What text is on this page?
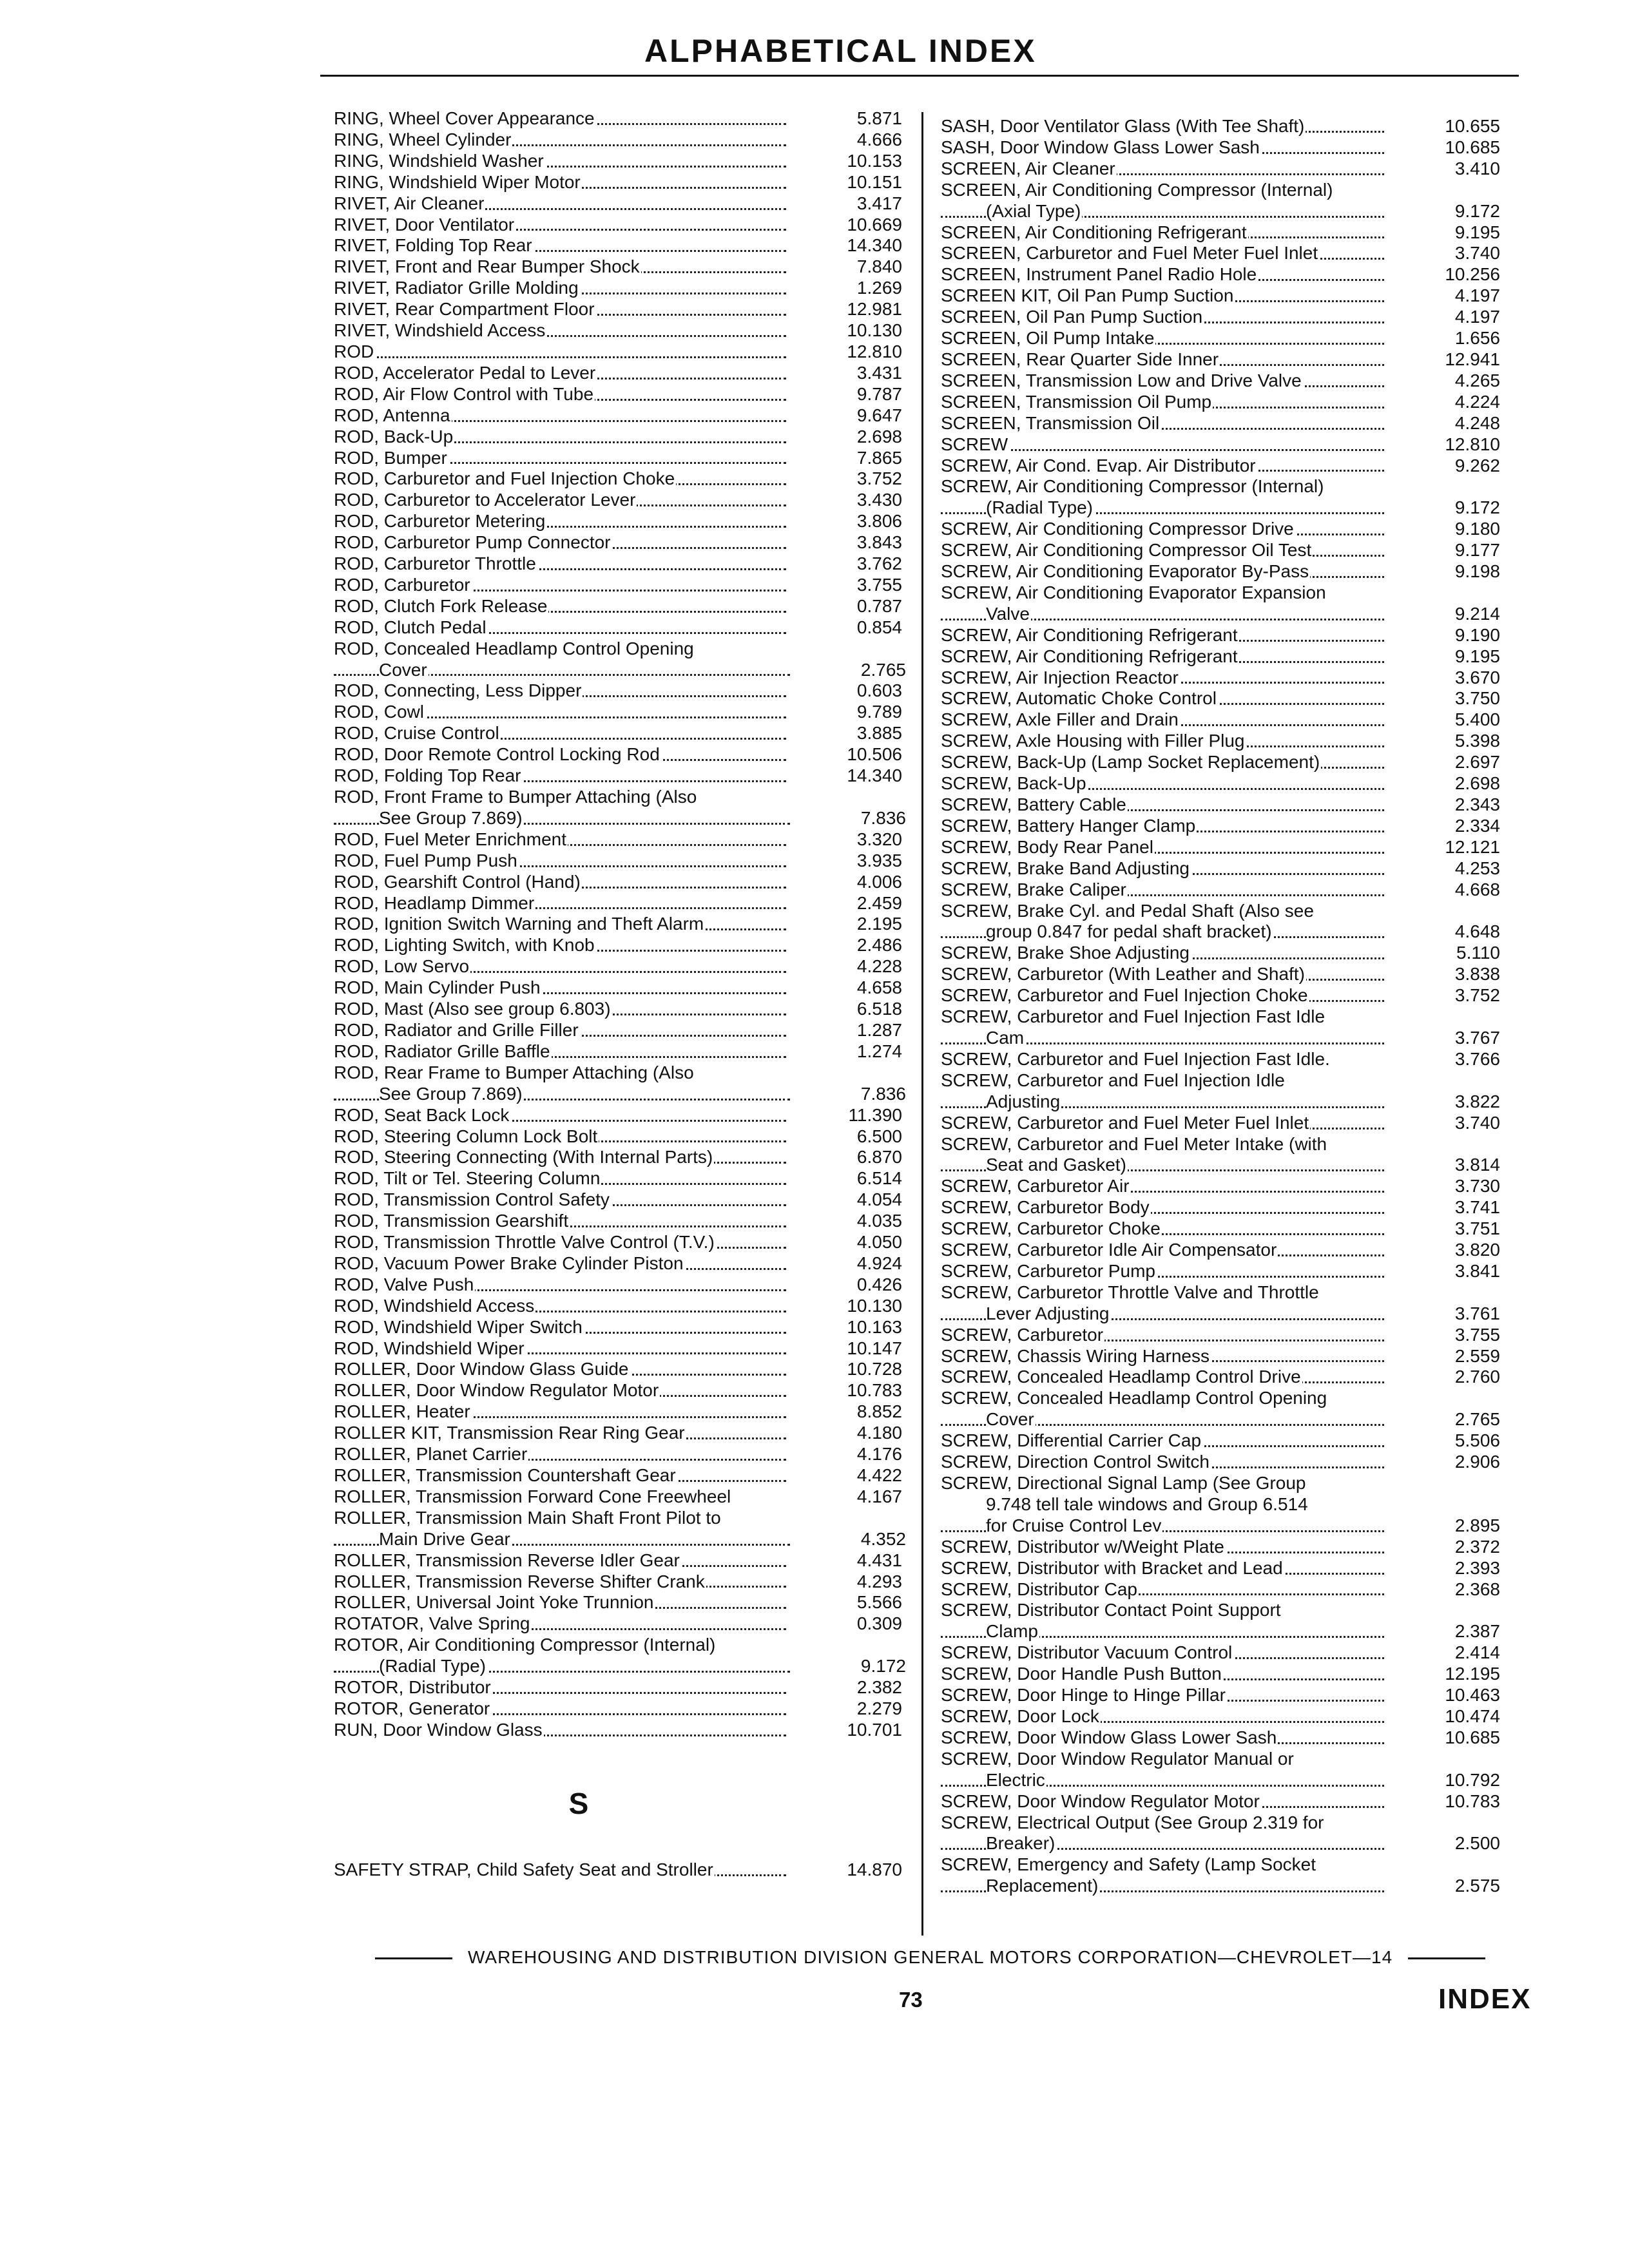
ALPHABETICAL INDEX
RING, Wheel Cover Appearance	5.871
RING, Wheel Cylinder	4.666
RING, Windshield Washer	10.153
RING, Windshield Wiper Motor	10.151
RIVET, Air Cleaner	3.417
RIVET, Door Ventilator	10.669
RIVET, Folding Top Rear	14.340
RIVET, Front and Rear Bumper Shock	7.840
RIVET, Radiator Grille Molding	1.269
RIVET, Rear Compartment Floor	12.981
RIVET, Windshield Access	10.130
ROD	12.810
ROD, Accelerator Pedal to Lever	3.431
ROD, Air Flow Control with Tube	9.787
ROD, Antenna	9.647
ROD, Back-Up	2.698
ROD, Bumper	7.865
ROD, Carburetor and Fuel Injection Choke	3.752
ROD, Carburetor to Accelerator Lever	3.430
ROD, Carburetor Metering	3.806
ROD, Carburetor Pump Connector	3.843
ROD, Carburetor Throttle	3.762
ROD, Carburetor	3.755
ROD, Clutch Fork Release	0.787
ROD, Clutch Pedal	0.854
ROD, Concealed Headlamp Control Opening
Cover	2.765
ROD, Connecting, Less Dipper	0.603
ROD, Cowl	9.789
ROD, Cruise Control	3.885
ROD, Door Remote Control Locking Rod	10.506
ROD, Folding Top Rear	14.340
ROD, Front Frame to Bumper Attaching (Also
See Group 7.869)	7.836
ROD, Fuel Meter Enrichment	3.320
ROD, Fuel Pump Push	3.935
ROD, Gearshift Control (Hand)	4.006
ROD, Headlamp Dimmer	2.459
ROD, Ignition Switch Warning and Theft Alarm	2.195
ROD, Lighting Switch, with Knob	2.486
ROD, Low Servo	4.228
ROD, Main Cylinder Push	4.658
ROD, Mast (Also see group 6.803)	6.518
ROD, Radiator and Grille Filler	1.287
ROD, Radiator Grille Baffle	1.274
ROD, Rear Frame to Bumper Attaching (Also
See Group 7.869)	7.836
ROD, Seat Back Lock	11.390
ROD, Steering Column Lock Bolt	6.500
ROD, Steering Connecting (With Internal Parts)	6.870
ROD, Tilt or Tel. Steering Column	6.514
ROD, Transmission Control Safety	4.054
ROD, Transmission Gearshift	4.035
ROD, Transmission Throttle Valve Control (T.V.)	4.050
ROD, Vacuum Power Brake Cylinder Piston	4.924
ROD, Valve Push	0.426
ROD, Windshield Access	10.130
ROD, Windshield Wiper Switch	10.163
ROD, Windshield Wiper	10.147
ROLLER, Door Window Glass Guide	10.728
ROLLER, Door Window Regulator Motor	10.783
ROLLER, Heater	8.852
ROLLER KIT, Transmission Rear Ring Gear	4.180
ROLLER, Planet Carrier	4.176
ROLLER, Transmission Countershaft Gear	4.422
ROLLER, Transmission Forward Cone Freewheel	4.167
ROLLER, Transmission Main Shaft Front Pilot to
Main Drive Gear	4.352
ROLLER, Transmission Reverse Idler Gear	4.431
ROLLER, Transmission Reverse Shifter Crank	4.293
ROLLER, Universal Joint Yoke Trunnion	5.566
ROTATOR, Valve Spring	0.309
ROTOR, Air Conditioning Compressor (Internal)
(Radial Type)	9.172
ROTOR, Distributor	2.382
ROTOR, Generator	2.279
RUN, Door Window Glass	10.701
S
SAFETY STRAP, Child Safety Seat and Stroller	14.870
SASH, Door Ventilator Glass (With Tee Shaft)	10.655
SASH, Door Window Glass Lower Sash	10.685
SCREEN, Air Cleaner	3.410
SCREEN, Air Conditioning Compressor (Internal)
(Axial Type)	9.172
SCREEN, Air Conditioning Refrigerant	9.195
SCREEN, Carburetor and Fuel Meter Fuel Inlet	3.740
SCREEN, Instrument Panel Radio Hole	10.256
SCREEN KIT, Oil Pan Pump Suction	4.197
SCREEN, Oil Pan Pump Suction	4.197
SCREEN, Oil Pump Intake	1.656
SCREEN, Rear Quarter Side Inner	12.941
SCREEN, Transmission Low and Drive Valve	4.265
SCREEN, Transmission Oil Pump	4.224
SCREEN, Transmission Oil	4.248
SCREW	12.810
SCREW, Air Cond. Evap. Air Distributor	9.262
SCREW, Air Conditioning Compressor (Internal)
(Radial Type)	9.172
SCREW, Air Conditioning Compressor Drive	9.180
SCREW, Air Conditioning Compressor Oil Test	9.177
SCREW, Air Conditioning Evaporator By-Pass	9.198
SCREW, Air Conditioning Evaporator Expansion
Valve	9.214
SCREW, Air Conditioning Refrigerant	9.190
SCREW, Air Conditioning Refrigerant	9.195
SCREW, Air Injection Reactor	3.670
SCREW, Automatic Choke Control	3.750
SCREW, Axle Filler and Drain	5.400
SCREW, Axle Housing with Filler Plug	5.398
SCREW, Back-Up (Lamp Socket Replacement)	2.697
SCREW, Back-Up	2.698
SCREW, Battery Cable	2.343
SCREW, Battery Hanger Clamp	2.334
SCREW, Body Rear Panel	12.121
SCREW, Brake Band Adjusting	4.253
SCREW, Brake Caliper	4.668
SCREW, Brake Cyl. and Pedal Shaft (Also see
group 0.847 for pedal shaft bracket)	4.648
SCREW, Brake Shoe Adjusting	5.110
SCREW, Carburetor (With Leather and Shaft)	3.838
SCREW, Carburetor and Fuel Injection Choke	3.752
SCREW, Carburetor and Fuel Injection Fast Idle
Cam	3.767
SCREW, Carburetor and Fuel Injection Fast Idle.	3.766
SCREW, Carburetor and Fuel Injection Idle
Adjusting	3.822
SCREW, Carburetor and Fuel Meter Fuel Inlet	3.740
SCREW, Carburetor and Fuel Meter Intake (with
Seat and Gasket)	3.814
SCREW, Carburetor Air	3.730
SCREW, Carburetor Body	3.741
SCREW, Carburetor Choke	3.751
SCREW, Carburetor Idle Air Compensator	3.820
SCREW, Carburetor Pump	3.841
SCREW, Carburetor Throttle Valve and Throttle
Lever Adjusting	3.761
SCREW, Carburetor	3.755
SCREW, Chassis Wiring Harness	2.559
SCREW, Concealed Headlamp Control Drive	2.760
SCREW, Concealed Headlamp Control Opening
Cover	2.765
SCREW, Differential Carrier Cap	5.506
SCREW, Direction Control Switch	2.906
SCREW, Directional Signal Lamp (See Group
9.748 tell tale windows and Group 6.514
for Cruise Control Lev	2.895
SCREW, Distributor w/Weight Plate	2.372
SCREW, Distributor with Bracket and Lead	2.393
SCREW, Distributor Cap	2.368
SCREW, Distributor Contact Point Support
Clamp	2.387
SCREW, Distributor Vacuum Control	2.414
SCREW, Door Handle Push Button	12.195
SCREW, Door Hinge to Hinge Pillar	10.463
SCREW, Door Lock	10.474
SCREW, Door Window Glass Lower Sash	10.685
SCREW, Door Window Regulator Manual or
Electric	10.792
SCREW, Door Window Regulator Motor	10.783
SCREW, Electrical Output (See Group 2.319 for
Breaker)	2.500
SCREW, Emergency and Safety (Lamp Socket
Replacement)	2.575
WAREHOUSING AND DISTRIBUTION DIVISION GENERAL MOTORS CORPORATION—CHEVROLET—14
73	INDEX
